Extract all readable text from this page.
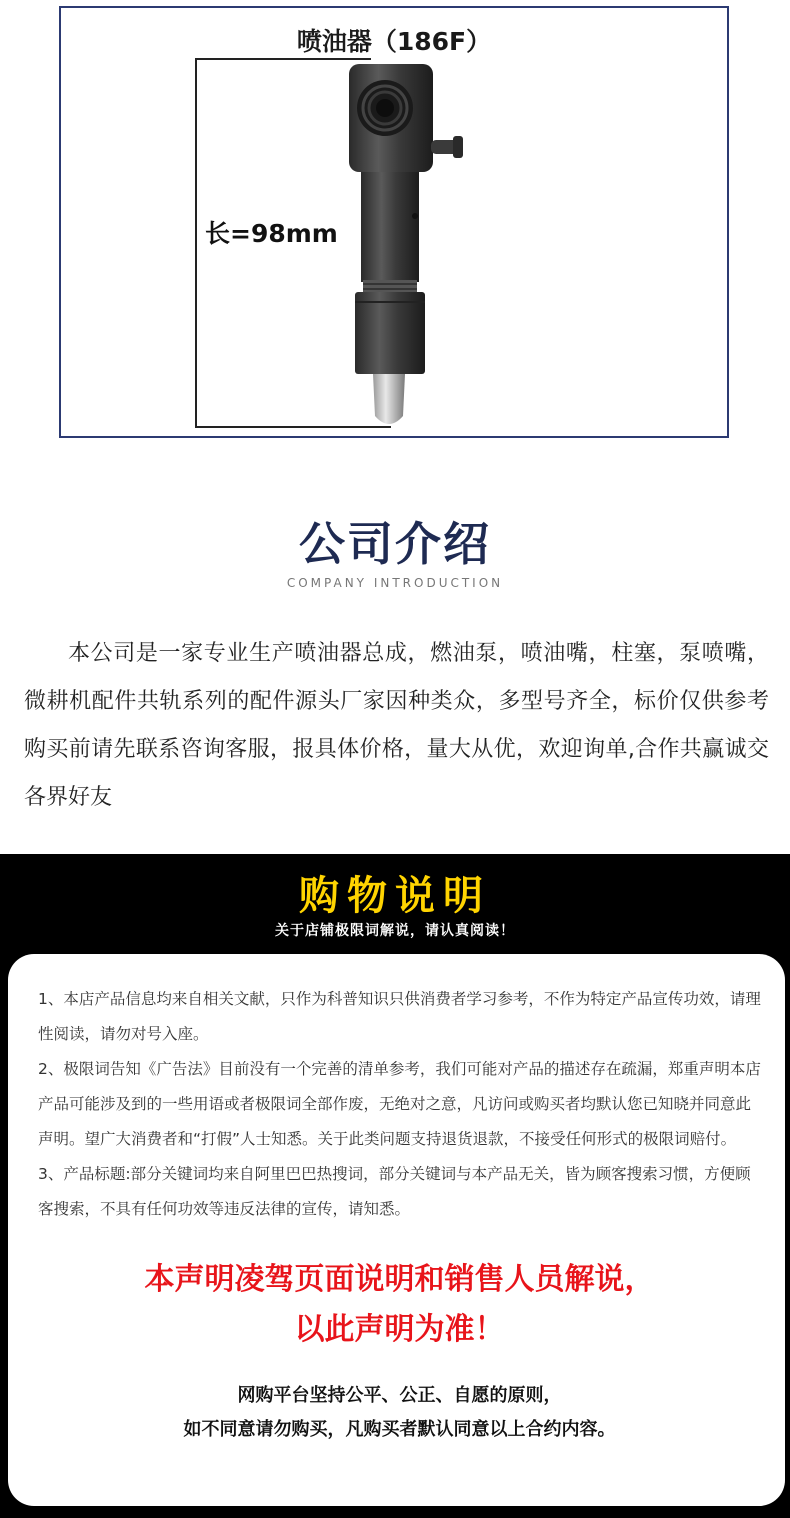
喷油器（186F）
长=98mm
公司介绍
COMPANY INTRODUCTION

本公司是一家专业生产喷油器总成，燃油泵，喷油嘴，柱塞，泵喷嘴，微耕机配件共轨系列的配件源头厂家因种类众，多型号齐全，标价仅供参考购买前请先联系咨询客服，报具体价格，量大从优，欢迎询单,合作共赢诚交各界好友

购物说明
关于店铺极限词解说，请认真阅读！

1、本店产品信息均来自相关文献，只作为科普知识只供消费者学习参考，不作为特定产品宣传功效，请理性阅读，请勿对号入座。

2、极限词告知《广告法》目前没有一个完善的清单参考，我们可能对产品的描述存在疏漏，郑重声明本店产品可能涉及到的一些用语或者极限词全部作废，无绝对之意，凡访问或购买者均默认您已知晓并同意此声明。望广大消费者和“打假”人士知悉。关于此类问题支持退货退款，不接受任何形式的极限词赔付。

3、产品标题:部分关键词均来自阿里巴巴热搜词，部分关键词与本产品无关，皆为顾客搜索习惯，方便顾客搜索，不具有任何功效等违反法律的宣传，请知悉。

本声明凌驾页面说明和销售人员解说，
以此声明为准！
网购平台坚持公平、公正、自愿的原则，
如不同意请勿购买，凡购买者默认同意以上合约内容。
